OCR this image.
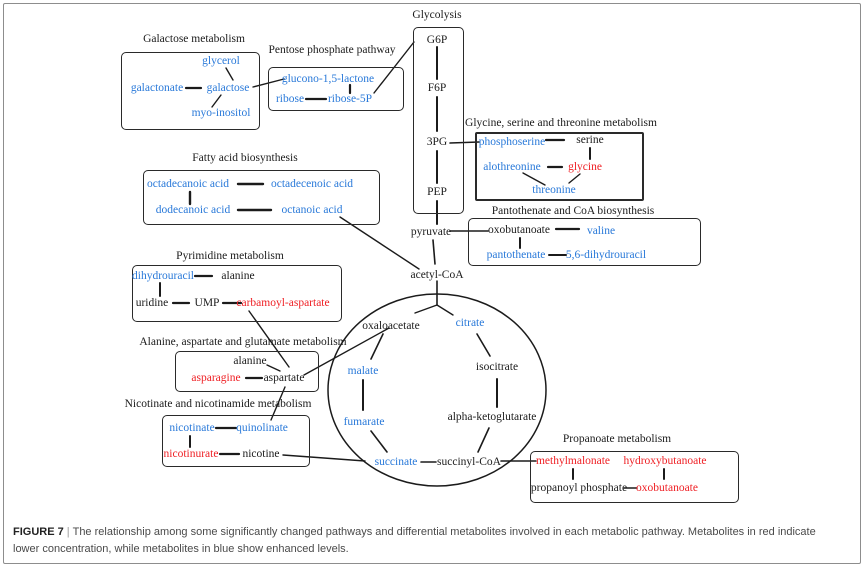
Galactose metabolism
Pentose phosphate pathway
Glycolysis
Glycine, serine and threonine metabolism
Fatty acid biosynthesis
Pantothenate and CoA biosynthesis
Pyrimidine metabolism
Alanine, aspartate and glutamate metabolism
Nicotinate and nicotinamide metabolism
Propanoate metabolism
glycerol
galactonate galactose
myo-inositol
glucono-1,5-lactone
ribose ribose-5P
G6P
F6P
3PG
PEP
phosphoserine	serine
alothreonine glycine
threonine
octadecanoic acid	octadecenoic acid
dodecanoic acid	octanoic acid
oxobutanoate	valine
pantothenate 5,6-dihydrouracil
pyruvate
acetyl-CoA
dihydrouracil alanine
uridine UMP carbamoyl-aspartate
alanine
asparagine aspartate
nicotinate quinolinate
nicotinurate nicotine
oxaloacetate	citrate
malate	isocitrate
fumarate	alpha-ketoglutarate
succinate succinyl-CoA	methylmalonate hydroxybutanoate
propanoyl phosphate oxobutanoate
FIGURE 7 | The relationship among some significantly changed pathways and differential metabolites involved in each metabolic pathway. Metabolites in red indicate lower concentration, while metabolites in blue show enhanced levels.
